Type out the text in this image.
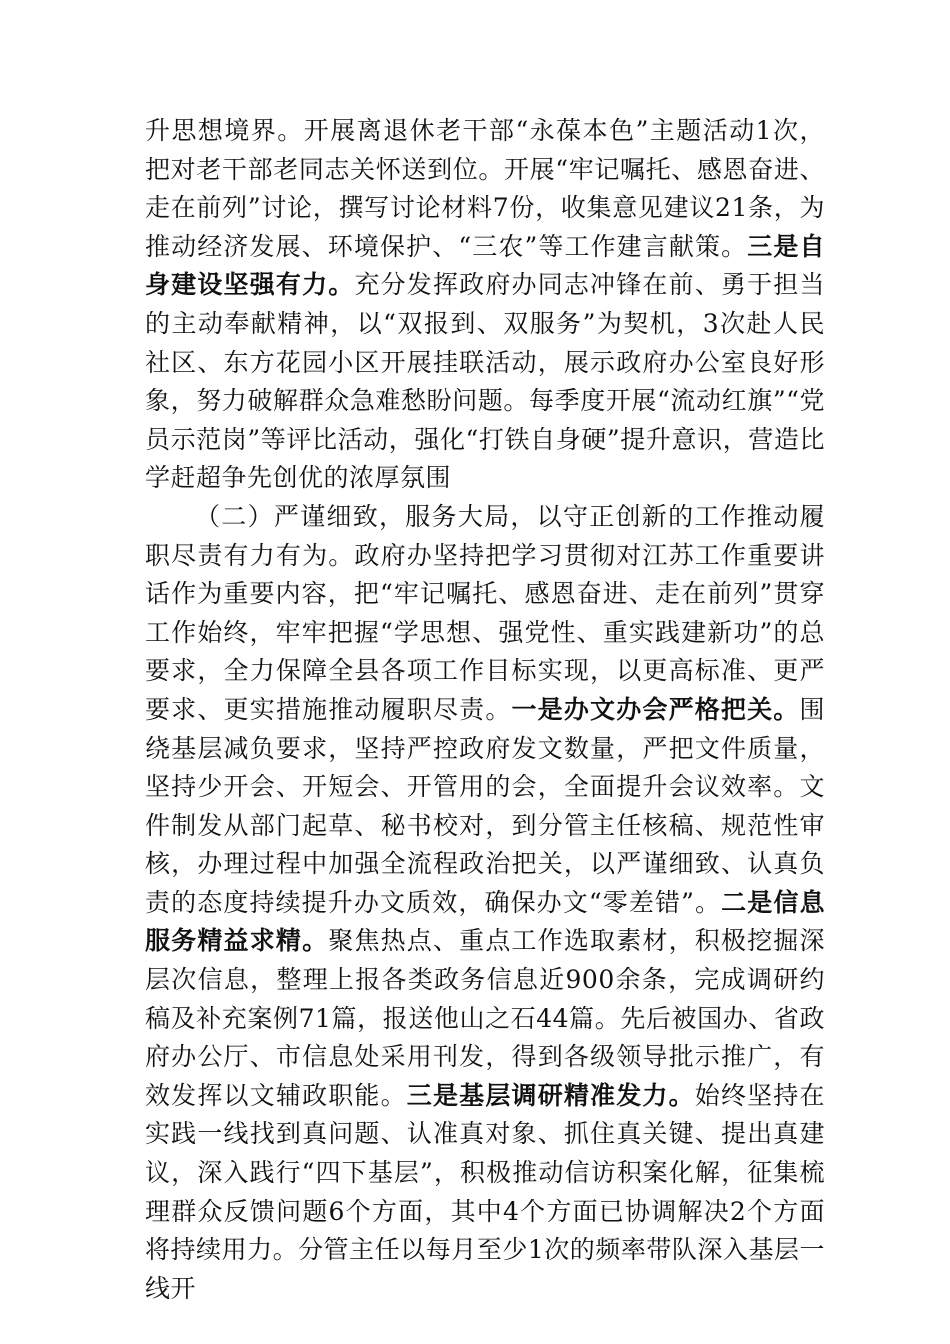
升思想境界。开展离退休老干部“永葆本色”主题活动1次，把对老干部老同志关怀送到位。开展“牢记嘱托、感恩奋进、走在前列”讨论，撰写讨论材料7份，收集意见建议21条，为推动经济发展、环境保护、“三农”等工作建言献策。三是自身建设坚强有力。充分发挥政府办同志冲锋在前、勇于担当的主动奉献精神，以“双报到、双服务”为契机，3次赴人民社区、东方花园小区开展挂联活动，展示政府办公室良好形象，努力破解群众急难愁盼问题。每季度开展“流动红旗”“党员示范岗”等评比活动，强化“打铁自身硬”提升意识，营造比学赶超争先创优的浓厚氛围

（二）严谨细致，服务大局，以守正创新的工作推动履职尽责有力有为。政府办坚持把学习贯彻对江苏工作重要讲话作为重要内容，把“牢记嘱托、感恩奋进、走在前列”贯穿工作始终，牢牢把握“学思想、强党性、重实践建新功”的总要求，全力保障全县各项工作目标实现，以更高标准、更严要求、更实措施推动履职尽责。一是办文办会严格把关。围绕基层减负要求，坚持严控政府发文数量，严把文件质量，坚持少开会、开短会、开管用的会，全面提升会议效率。文件制发从部门起草、秘书校对，到分管主任核稿、规范性审核，办理过程中加强全流程政治把关，以严谨细致、认真负责的态度持续提升办文质效，确保办文“零差错”。二是信息服务精益求精。聚焦热点、重点工作选取素材，积极挖掘深层次信息，整理上报各类政务信息近900余条，完成调研约稿及补充案例71篇，报送他山之石44篇。先后被国办、省政府办公厅、市信息处采用刊发，得到各级领导批示推广，有效发挥以文辅政职能。三是基层调研精准发力。始终坚持在实践一线找到真问题、认准真对象、抓住真关键、提出真建议，深入践行“四下基层”，积极推动信访积案化解，征集梳理群众反馈问题6个方面，其中4个方面已协调解决2个方面将持续用力。分管主任以每月至少1次的频率带队深入基层一线开
